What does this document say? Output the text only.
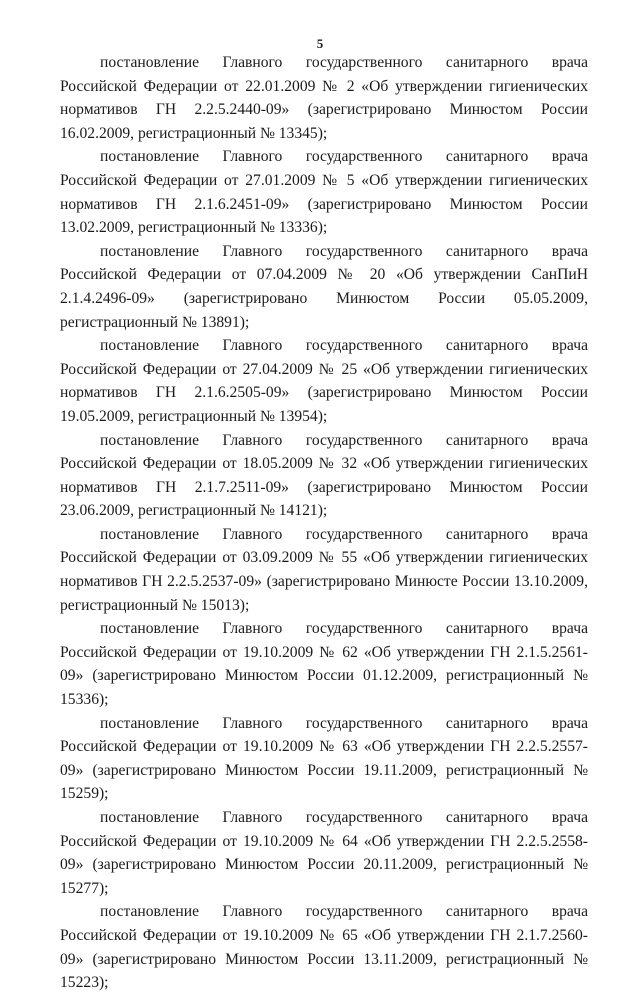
5

постановление Главного государственного санитарного врача Российской Федерации от 22.01.2009 № 2 «Об утверждении гигиенических нормативов ГН 2.2.5.2440-09» (зарегистрировано Минюстом России 16.02.2009, регистрационный № 13345);

постановление Главного государственного санитарного врача Российской Федерации от 27.01.2009 № 5 «Об утверждении гигиенических нормативов ГН 2.1.6.2451-09» (зарегистрировано Минюстом России 13.02.2009, регистрационный № 13336);

постановление Главного государственного санитарного врача Российской Федерации от 07.04.2009 № 20 «Об утверждении СанПиН 2.1.4.2496-09» (зарегистрировано Минюстом России 05.05.2009, регистрационный № 13891);

постановление Главного государственного санитарного врача Российской Федерации от 27.04.2009 № 25 «Об утверждении гигиенических нормативов ГН 2.1.6.2505-09» (зарегистрировано Минюстом России 19.05.2009, регистрационный № 13954);

постановление Главного государственного санитарного врача Российской Федерации от 18.05.2009 № 32 «Об утверждении гигиенических нормативов ГН 2.1.7.2511-09» (зарегистрировано Минюстом России 23.06.2009, регистрационный № 14121);

постановление Главного государственного санитарного врача Российской Федерации от 03.09.2009 № 55 «Об утверждении гигиенических нормативов ГН 2.2.5.2537-09» (зарегистрировано Минюсте России 13.10.2009, регистрационный № 15013);

постановление Главного государственного санитарного врача Российской Федерации от 19.10.2009 № 62 «Об утверждении ГН 2.1.5.2561-09» (зарегистрировано Минюстом России 01.12.2009, регистрационный № 15336);

постановление Главного государственного санитарного врача Российской Федерации от 19.10.2009 № 63 «Об утверждении ГН 2.2.5.2557-09» (зарегистрировано Минюстом России 19.11.2009, регистрационный № 15259);

постановление Главного государственного санитарного врача Российской Федерации от 19.10.2009 № 64 «Об утверждении ГН 2.2.5.2558-09» (зарегистрировано Минюстом России 20.11.2009, регистрационный № 15277);

постановление Главного государственного санитарного врача Российской Федерации от 19.10.2009 № 65 «Об утверждении ГН 2.1.7.2560-09» (зарегистрировано Минюстом России 13.11.2009, регистрационный № 15223);
